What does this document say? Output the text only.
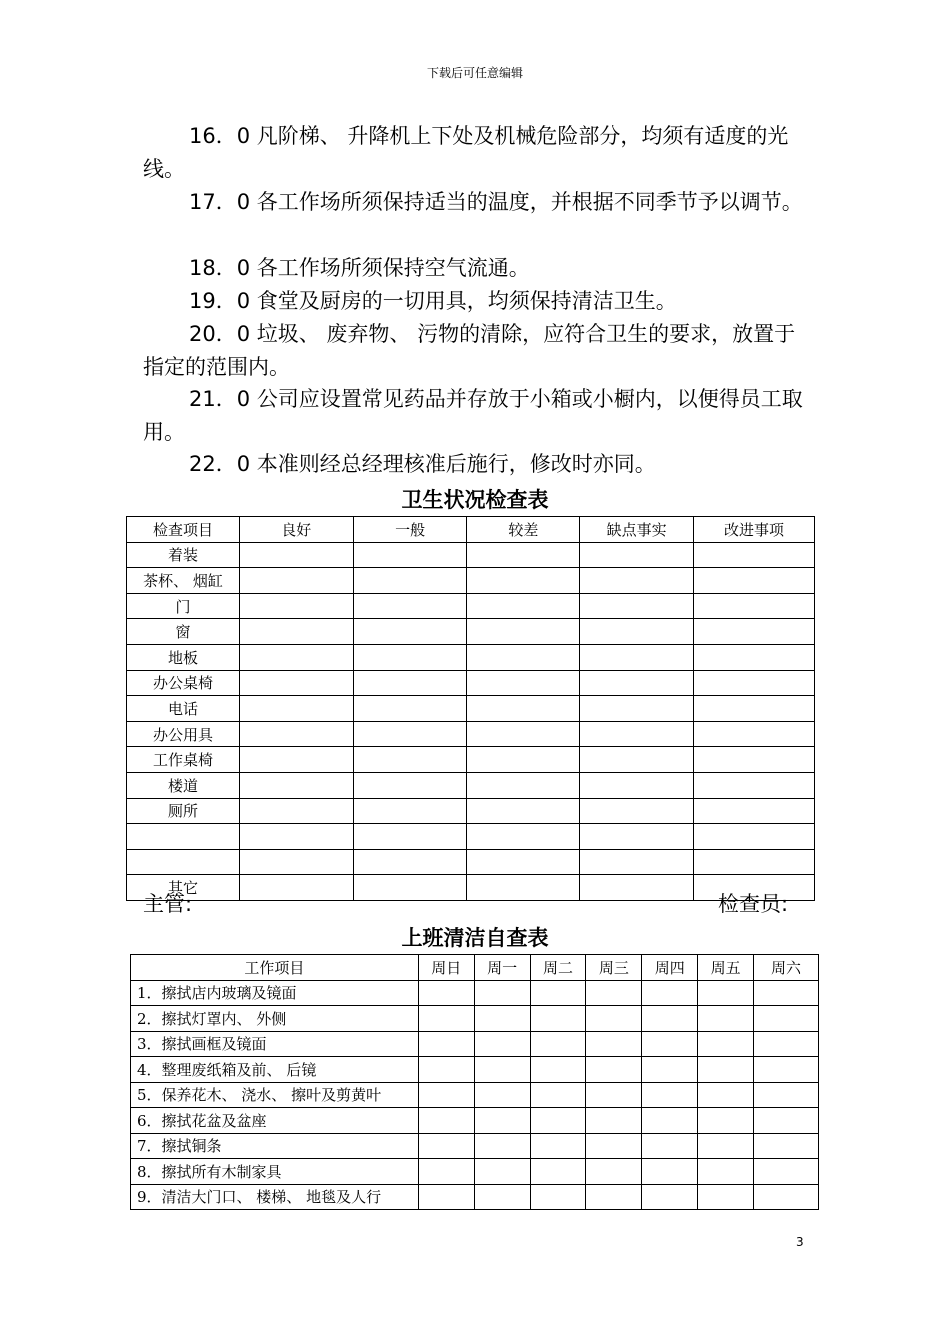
下载后可任意编辑
16．0 凡阶梯、 升降机上下处及机械危险部分，均须有适度的光线。
17．0 各工作场所须保持适当的温度，并根据不同季节予以调节。
18．0 各工作场所须保持空气流通。
19．0 食堂及厨房的一切用具，均须保持清洁卫生。
20．0 垃圾、 废弃物、 污物的清除，应符合卫生的要求，放置于指定的范围内。
21．0 公司应设置常见药品并存放于小箱或小橱内，以便得员工取用。
22．0 本准则经总经理核准后施行，修改时亦同。
卫生状况检查表
检查项目	良好	一般	较差	缺点事实	改进事项
着装					
茶杯、 烟缸					
门					
窗					
地板					
办公桌椅					
电话					
办公用具					
工作桌椅					
楼道					
厕所					

其它					
主管:	检查员:
上班清洁自查表
工作项目	周日	周一	周二	周三	周四	周五	周六
1．擦拭店内玻璃及镜面							
2．擦拭灯罩内、 外侧							
3．擦拭画框及镜面							
4．整理废纸箱及前、 后镜							
5．保养花木、 浇水、 擦叶及剪黄叶							
6．擦拭花盆及盆座							
7．擦拭铜条							
8．擦拭所有木制家具							
9．清洁大门口、 楼梯、 地毯及人行							
3
